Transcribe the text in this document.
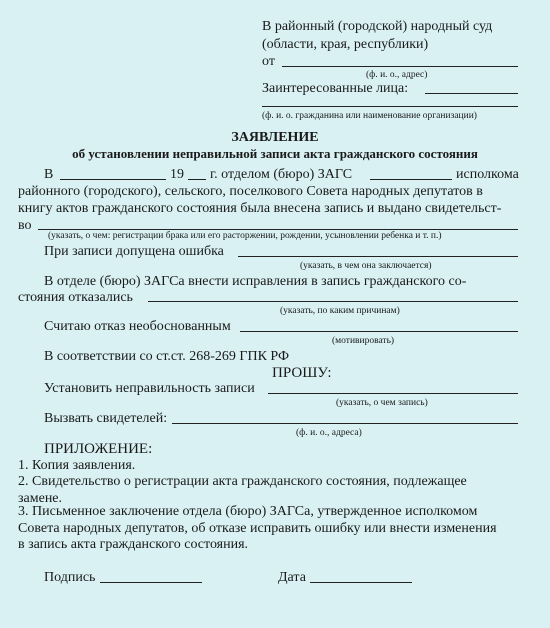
В районный (городской) народный суд
(области, края, республики)
от
(ф. и. о., адрес)
Заинтересованные лица:
(ф. и. о. гражданина или наименование организации)
ЗАЯВЛЕНИЕ
об установлении неправильной записи акта гражданского состояния
В	19 г. отделом (бюро) ЗАГС	исполкома
районного (городского), сельского, поселкового Совета народных депутатов в
книгу актов гражданского состояния была внесена запись и выдано свидетельст-
во
(указать, о чем: регистрации брака или его расторжении, рождении, усыновлении ребенка и т. п.)
При записи допущена ошибка
(указать, в чем она заключается)
В отделе (бюро) ЗАГСа внести исправления в запись гражданского со-
стояния отказались
(указать, по каким причинам)
Считаю отказ необоснованным
(мотивировать)
В соответствии со ст.ст. 268-269 ГПК РФ
ПРОШУ:
Установить неправильность записи
(указать, о чем запись)
Вызвать свидетелей:
(ф. и. о., адреса)
ПРИЛОЖЕНИЕ:
1. Копия заявления.
2. Свидетельство о регистрации акта гражданского состояния, подлежащее
замене.
3. Письменное заключение отдела (бюро) ЗАГСа, утвержденное исполкомом
Совета народных депутатов, об отказе исправить ошибку или внести изменения
в запись акта гражданского состояния.
Подпись	Дата
